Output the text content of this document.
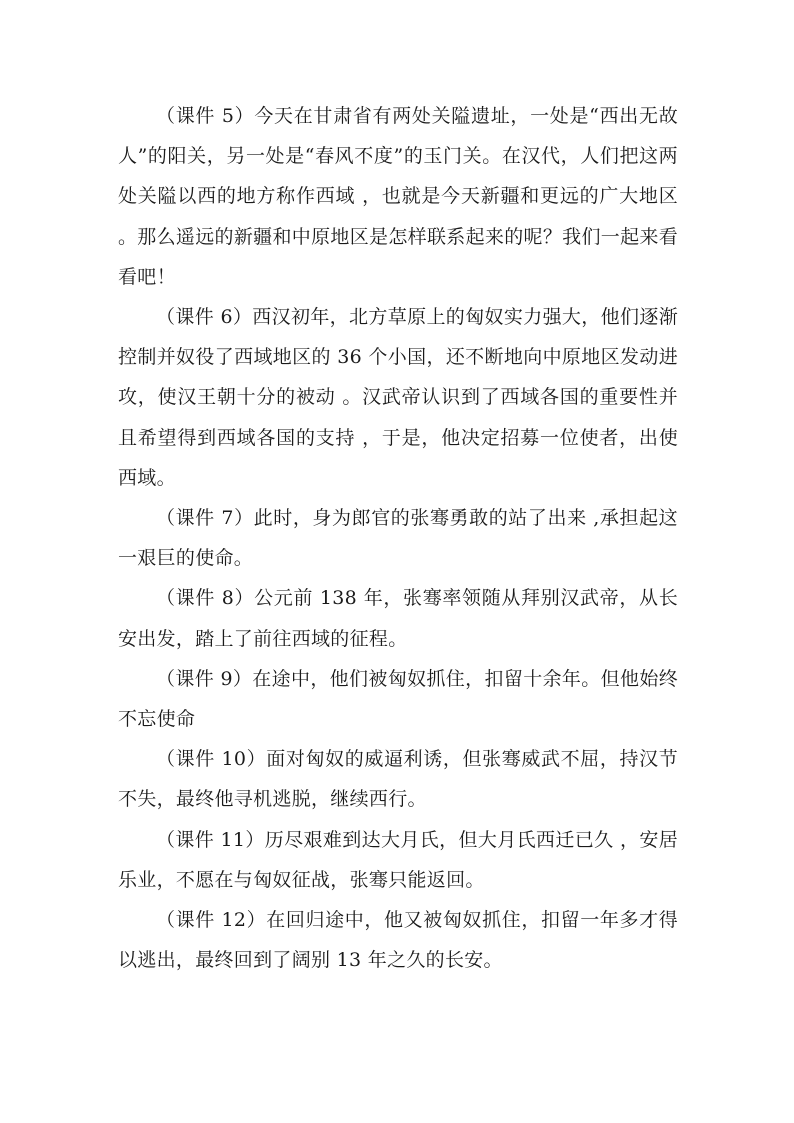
（课件 5）今天在甘肃省有两处关隘遗址，一处是“西出无故人”的阳关，另一处是“春风不度”的玉门关。在汉代，人们把这两处关隘以西的地方称作西域 ，也就是今天新疆和更远的广大地区 。那么遥远的新疆和中原地区是怎样联系起来的呢？我们一起来看看吧！

（课件 6）西汉初年，北方草原上的匈奴实力强大，他们逐渐控制并奴役了西域地区的 36 个小国，还不断地向中原地区发动进攻，使汉王朝十分的被动 。汉武帝认识到了西域各国的重要性并且希望得到西域各国的支持 ，于是，他决定招募一位使者，出使西域。

（课件 7）此时，身为郎官的张骞勇敢的站了出来 ,承担起这一艰巨的使命。

（课件 8）公元前 138 年，张骞率领随从拜别汉武帝，从长安出发，踏上了前往西域的征程。

（课件 9）在途中，他们被匈奴抓住，扣留十余年。但他始终不忘使命

（课件 10）面对匈奴的威逼利诱，但张骞威武不屈，持汉节不失，最终他寻机逃脱，继续西行。

（课件 11）历尽艰难到达大月氏，但大月氏西迁已久 ，安居乐业，不愿在与匈奴征战，张骞只能返回。

（课件 12）在回归途中，他又被匈奴抓住，扣留一年多才得以逃出，最终回到了阔别 13 年之久的长安。
